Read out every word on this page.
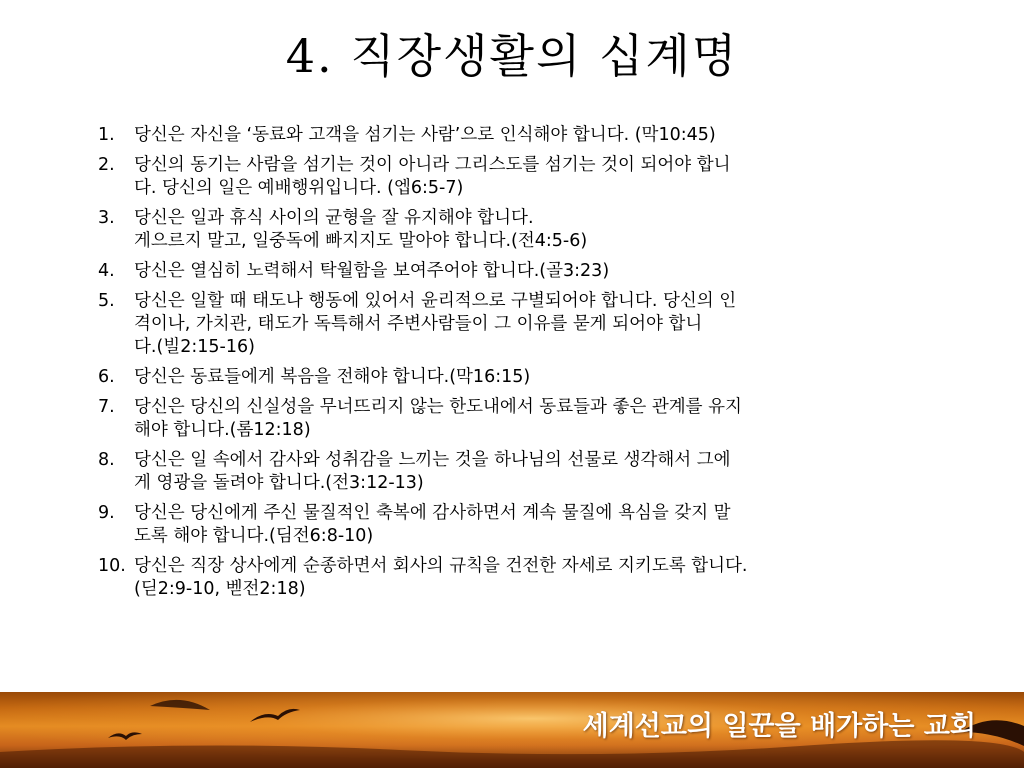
4. 직장생활의 십계명
1.	당신은 자신을 ‘동료와 고객을 섬기는 사람’으로 인식해야 합니다. (막10:45)
2.	당신의 동기는 사람을 섬기는 것이 아니라 그리스도를 섬기는 것이 되어야 합니
다. 당신의 일은 예배행위입니다. (엡6:5-7)
3.	당신은 일과 휴식 사이의 균형을 잘 유지해야 합니다.
게으르지 말고, 일중독에 빠지지도 말아야 합니다.(전4:5-6)
4.	당신은 열심히 노력해서 탁월함을 보여주어야 합니다.(골3:23)
5.	당신은 일할 때 태도나 행동에 있어서 윤리적으로 구별되어야 합니다. 당신의 인
격이나, 가치관, 태도가 독특해서 주변사람들이 그 이유를 묻게 되어야 합니
다.(빌2:15-16)
6.	당신은 동료들에게 복음을 전해야 합니다.(막16:15)
7.	당신은 당신의 신실성을 무너뜨리지 않는 한도내에서 동료들과 좋은 관계를 유지
해야 합니다.(롬12:18)
8.	당신은 일 속에서 감사와 성취감을 느끼는 것을 하나님의 선물로 생각해서 그에
게 영광을 돌려야 합니다.(전3:12-13)
9.	당신은 당신에게 주신 물질적인 축복에 감사하면서 계속 물질에 욕심을 갖지 말
도록 해야 합니다.(딤전6:8-10)
10. 당신은 직장 상사에게 순종하면서 회사의 규칙을 건전한 자세로 지키도록 합니다.
(딛2:9-10, 벧전2:18)
세계선교의 일꾼을 배가하는 교회
